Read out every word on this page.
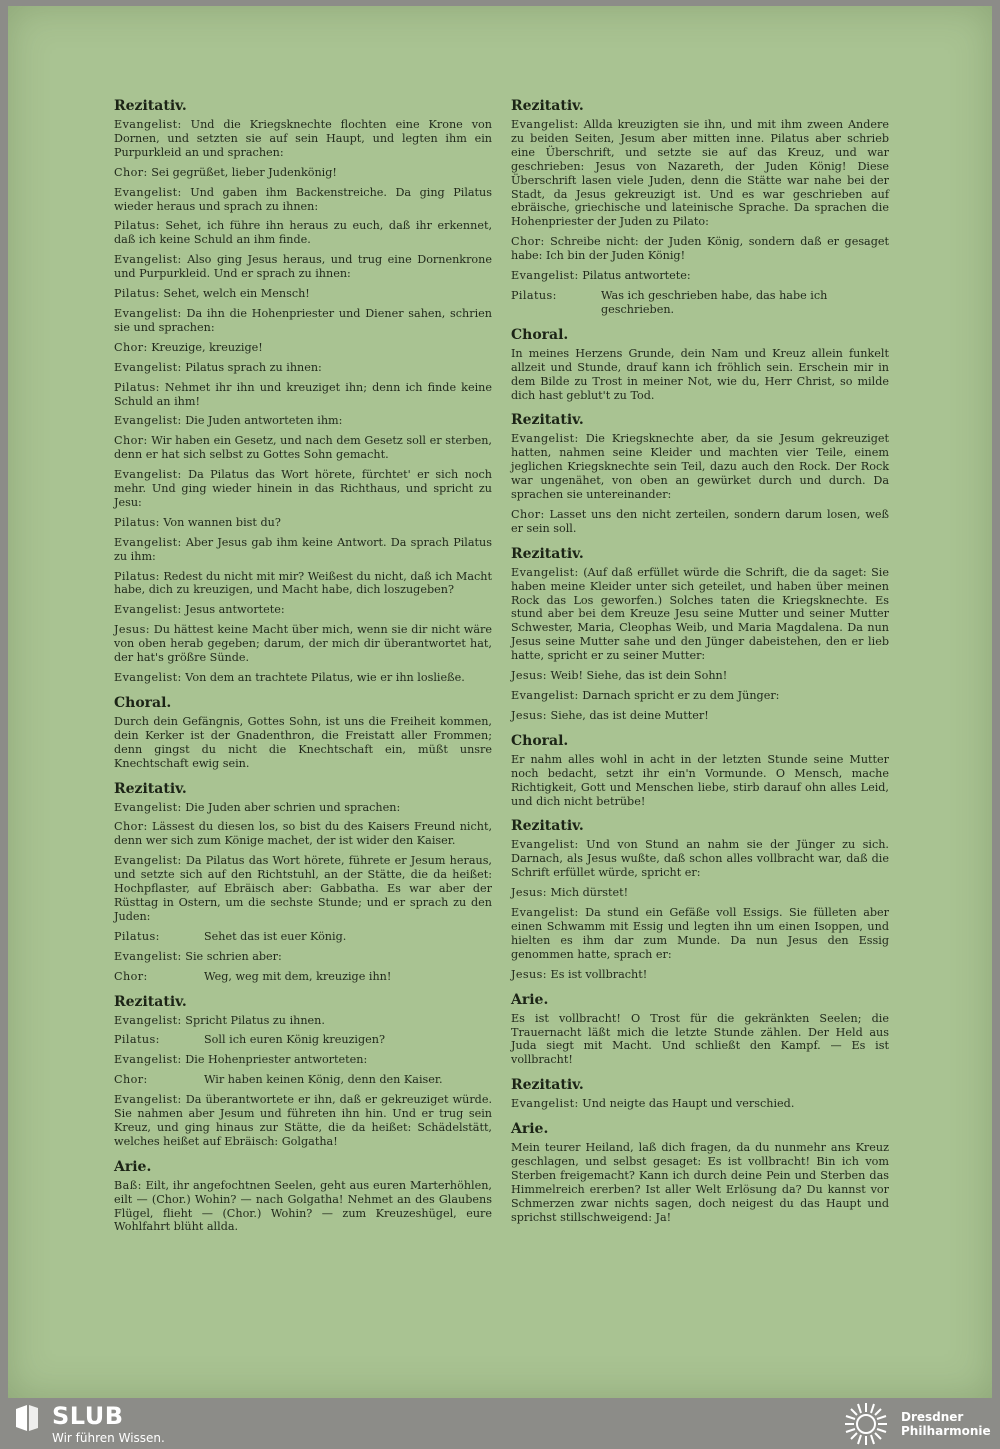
Rezitativ.
Evangelist: Und die Kriegsknechte flochten eine Krone von Dornen, und setzten sie auf sein Haupt, und legten ihm ein Purpurkleid an und sprachen:
Chor: Sei gegrüßet, lieber Judenkönig!
Evangelist: Und gaben ihm Backenstreiche. Da ging Pilatus wieder heraus und sprach zu ihnen:
Pilatus: Sehet, ich führe ihn heraus zu euch, daß ihr erkennet, daß ich keine Schuld an ihm finde.
Evangelist: Also ging Jesus heraus, und trug eine Dornenkrone und Purpurkleid. Und er sprach zu ihnen:
Pilatus: Sehet, welch ein Mensch!
Evangelist: Da ihn die Hohenpriester und Diener sahen, schrien sie und sprachen:
Chor: Kreuzige, kreuzige!
Evangelist: Pilatus sprach zu ihnen:
Pilatus: Nehmet ihr ihn und kreuziget ihn; denn ich finde keine Schuld an ihm!
Evangelist: Die Juden antworteten ihm:
Chor: Wir haben ein Gesetz, und nach dem Gesetz soll er sterben, denn er hat sich selbst zu Gottes Sohn gemacht.
Evangelist: Da Pilatus das Wort hörete, fürchtet' er sich noch mehr. Und ging wieder hinein in das Richthaus, und spricht zu Jesu:
Pilatus: Von wannen bist du?
Evangelist: Aber Jesus gab ihm keine Antwort. Da sprach Pilatus zu ihm:
Pilatus: Redest du nicht mit mir? Weißest du nicht, daß ich Macht habe, dich zu kreuzigen, und Macht habe, dich loszugeben?
Evangelist: Jesus antwortete:
Jesus: Du hättest keine Macht über mich, wenn sie dir nicht wäre von oben herab gegeben; darum, der mich dir überantwortet hat, der hat's größre Sünde.
Evangelist: Von dem an trachtete Pilatus, wie er ihn losließe.
Choral.
Durch dein Gefängnis, Gottes Sohn, ist uns die Freiheit kommen, dein Kerker ist der Gnadenthron, die Freistatt aller Frommen; denn gingst du nicht die Knechtschaft ein, müßt unsre Knechtschaft ewig sein.
Rezitativ.
Evangelist: Die Juden aber schrien und sprachen:
Chor: Lässest du diesen los, so bist du des Kaisers Freund nicht, denn wer sich zum Könige machet, der ist wider den Kaiser.
Evangelist: Da Pilatus das Wort hörete, führete er Jesum heraus, und setzte sich auf den Richtstuhl, an der Stätte, die da heißet: Hochpflaster, auf Ebräisch aber: Gabbatha. Es war aber der Rüsttag in Ostern, um die sechste Stunde; und er sprach zu den Juden:
Pilatus:	Sehet das ist euer König.
Evangelist: Sie schrien aber:
Chor:	Weg, weg mit dem, kreuzige ihn!
Rezitativ.
Evangelist: Spricht Pilatus zu ihnen.
Pilatus:	Soll ich euren König kreuzigen?
Evangelist: Die Hohenpriester antworteten:
Chor:	Wir haben keinen König, denn den Kaiser.
Evangelist: Da überantwortete er ihn, daß er gekreuziget würde. Sie nahmen aber Jesum und führeten ihn hin. Und er trug sein Kreuz, und ging hinaus zur Stätte, die da heißet: Schädelstätt, welches heißet auf Ebräisch: Golgatha!
Arie.
Baß: Eilt, ihr angefochtnen Seelen, geht aus euren Marterhöhlen, eilt — (Chor.) Wohin? — nach Golgatha! Nehmet an des Glaubens Flügel, flieht — (Chor.) Wohin? — zum Kreuzeshügel, eure Wohlfahrt blüht allda.
Rezitativ.
Evangelist: Allda kreuzigten sie ihn, und mit ihm zween Andere zu beiden Seiten, Jesum aber mitten inne. Pilatus aber schrieb eine Überschrift, und setzte sie auf das Kreuz, und war geschrieben: Jesus von Nazareth, der Juden König! Diese Überschrift lasen viele Juden, denn die Stätte war nahe bei der Stadt, da Jesus gekreuzigt ist. Und es war geschrieben auf ebräische, griechische und lateinische Sprache. Da sprachen die Hohenpriester der Juden zu Pilato:
Chor: Schreibe nicht: der Juden König, sondern daß er gesaget habe: Ich bin der Juden König!
Evangelist: Pilatus antwortete:
Pilatus:	Was ich geschrieben habe, das habe ich geschrieben.
Choral.
In meines Herzens Grunde, dein Nam und Kreuz allein funkelt allzeit und Stunde, drauf kann ich fröhlich sein. Erschein mir in dem Bilde zu Trost in meiner Not, wie du, Herr Christ, so milde dich hast geblut't zu Tod.
Rezitativ.
Evangelist: Die Kriegsknechte aber, da sie Jesum gekreuziget hatten, nahmen seine Kleider und machten vier Teile, einem jeglichen Kriegsknechte sein Teil, dazu auch den Rock. Der Rock war ungenähet, von oben an gewürket durch und durch. Da sprachen sie untereinander:
Chor: Lasset uns den nicht zerteilen, sondern darum losen, weß er sein soll.
Rezitativ.
Evangelist: (Auf daß erfüllet würde die Schrift, die da saget: Sie haben meine Kleider unter sich geteilet, und haben über meinen Rock das Los geworfen.) Solches taten die Kriegsknechte. Es stund aber bei dem Kreuze Jesu seine Mutter und seiner Mutter Schwester, Maria, Cleophas Weib, und Maria Magdalena. Da nun Jesus seine Mutter sahe und den Jünger dabeistehen, den er lieb hatte, spricht er zu seiner Mutter:
Jesus: Weib! Siehe, das ist dein Sohn!
Evangelist: Darnach spricht er zu dem Jünger:
Jesus: Siehe, das ist deine Mutter!
Choral.
Er nahm alles wohl in acht in der letzten Stunde seine Mutter noch bedacht, setzt ihr ein'n Vormunde. O Mensch, mache Richtigkeit, Gott und Menschen liebe, stirb darauf ohn alles Leid, und dich nicht betrübe!
Rezitativ.
Evangelist: Und von Stund an nahm sie der Jünger zu sich. Darnach, als Jesus wußte, daß schon alles vollbracht war, daß die Schrift erfüllet würde, spricht er:
Jesus: Mich dürstet!
Evangelist: Da stund ein Gefäße voll Essigs. Sie fülleten aber einen Schwamm mit Essig und legten ihn um einen Isoppen, und hielten es ihm dar zum Munde. Da nun Jesus den Essig genommen hatte, sprach er:
Jesus: Es ist vollbracht!
Arie.
Es ist vollbracht! O Trost für die gekränkten Seelen; die Trauernacht läßt mich die letzte Stunde zählen. Der Held aus Juda siegt mit Macht. Und schließt den Kampf. — Es ist vollbracht!
Rezitativ.
Evangelist: Und neigte das Haupt und verschied.
Arie.
Mein teurer Heiland, laß dich fragen, da du nunmehr ans Kreuz geschlagen, und selbst gesaget: Es ist vollbracht! Bin ich vom Sterben freigemacht? Kann ich durch deine Pein und Sterben das Himmelreich ererben? Ist aller Welt Erlösung da? Du kannst vor Schmerzen zwar nichts sagen, doch neigest du das Haupt und sprichst stillschweigend: Ja!
SLUB
Wir führen Wissen.
Dresdner
Philharmonie
